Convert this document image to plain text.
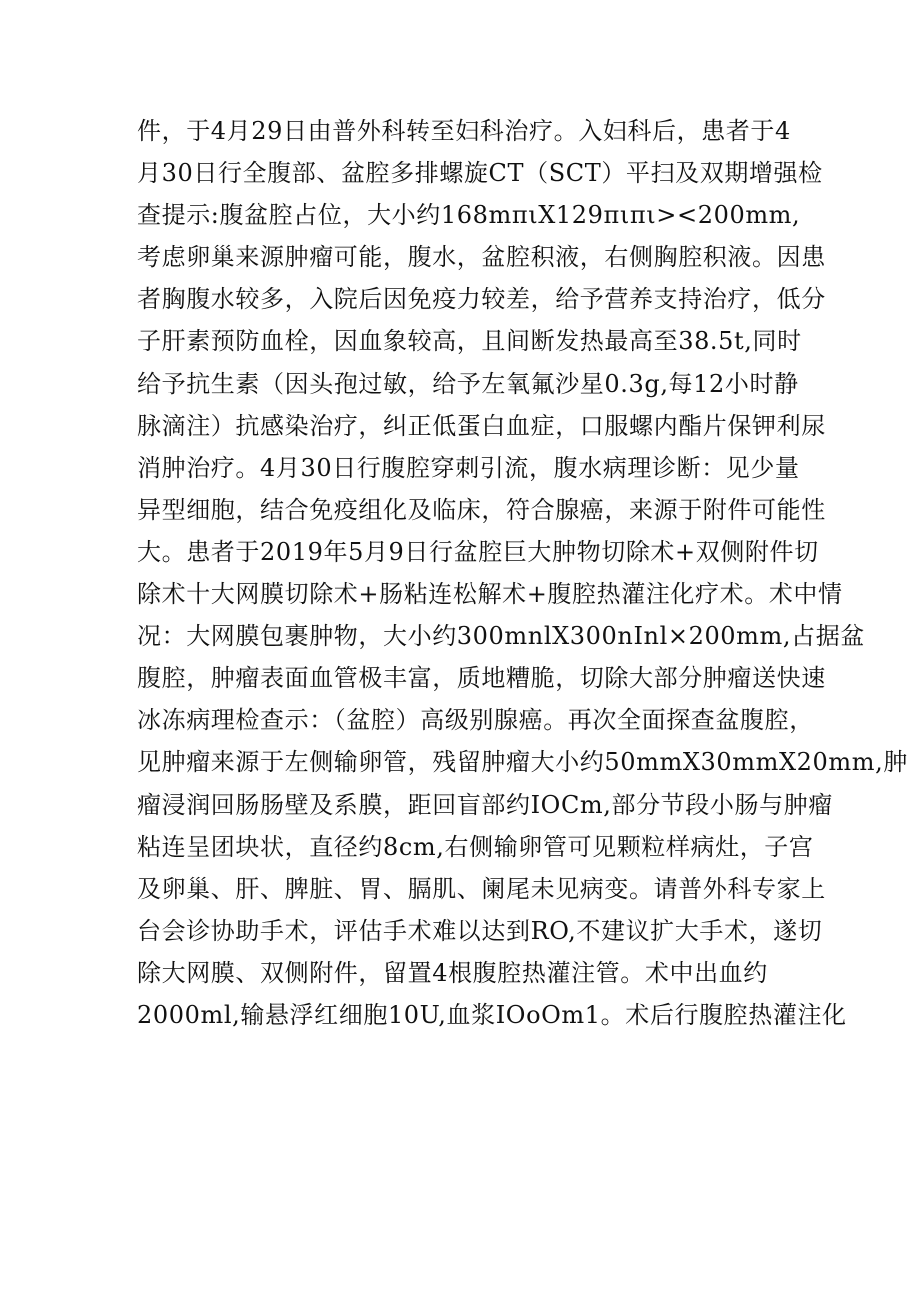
件，于4月29日由普外科转至妇科治疗。入妇科后，患者于4
月30日行全腹部、盆腔多排螺旋CT（SCT）平扫及双期增强检
查提示:腹盆腔占位，大小约168mπιX129πιπι><200mm,
考虑卵巢来源肿瘤可能，腹水，盆腔积液，右侧胸腔积液。因患
者胸腹水较多，入院后因免疫力较差，给予营养支持治疗，低分
子肝素预防血栓，因血象较高，且间断发热最高至38.5t,同时
给予抗生素（因头孢过敏，给予左氧氟沙星0.3g,每12小时静
脉滴注）抗感染治疗，纠正低蛋白血症，口服螺内酯片保钾利尿
消肿治疗。4月30日行腹腔穿刺引流，腹水病理诊断：见少量
异型细胞，结合免疫组化及临床，符合腺癌，来源于附件可能性
大。患者于2019年5月9日行盆腔巨大肿物切除术+双侧附件切
除术十大网膜切除术+肠粘连松解术+腹腔热灌注化疗术。术中情
况：大网膜包裹肿物，大小约300mnlX300nInl×200mm,占据盆
腹腔，肿瘤表面血管极丰富，质地糟脆，切除大部分肿瘤送快速
冰冻病理检查示：（盆腔）高级别腺癌。再次全面探查盆腹腔，
见肿瘤来源于左侧输卵管，残留肿瘤大小约50mmX30mmX20mm,肿
瘤浸润回肠肠壁及系膜，距回盲部约IOCm,部分节段小肠与肿瘤
粘连呈团块状，直径约8cm,右侧输卵管可见颗粒样病灶，子宫
及卵巢、肝、脾脏、胃、膈肌、阑尾未见病变。请普外科专家上
台会诊协助手术，评估手术难以达到RO,不建议扩大手术，遂切
除大网膜、双侧附件，留置4根腹腔热灌注管。术中出血约
2000ml,输悬浮红细胞10U,血浆IOoOm1。术后行腹腔热灌注化
